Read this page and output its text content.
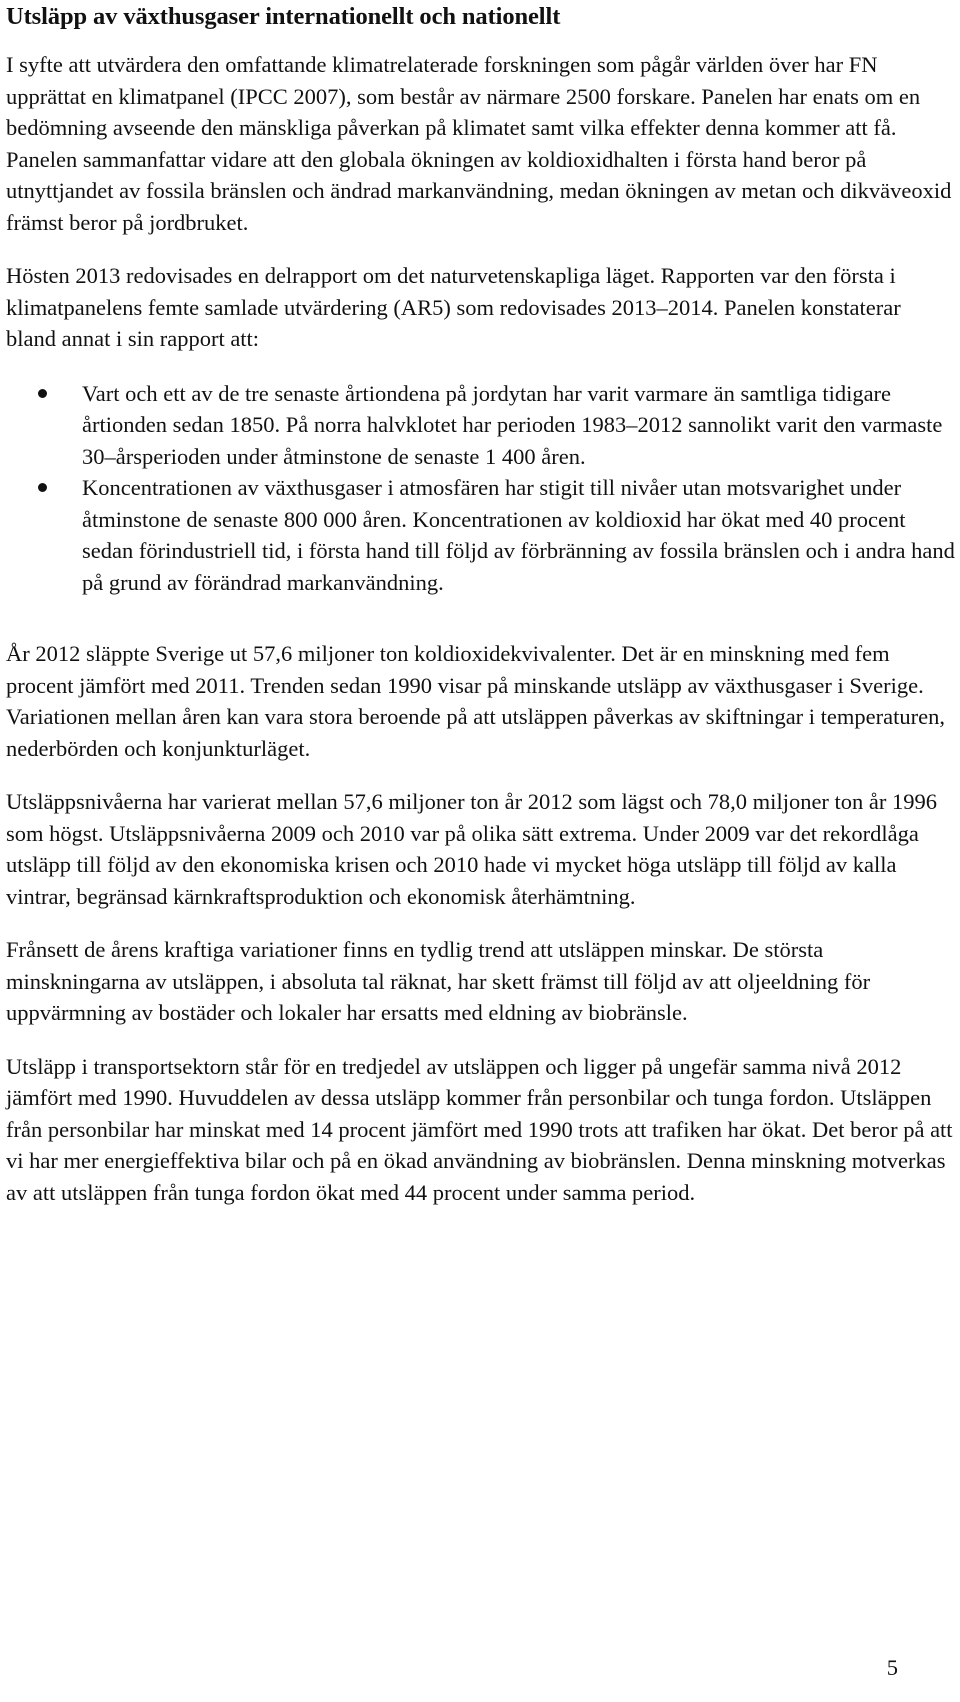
Utsläpp av växthusgaser internationellt och nationellt

I syfte att utvärdera den omfattande klimatrelaterade forskningen som pågår världen över har FN upprättat en klimatpanel (IPCC 2007), som består av närmare 2500 forskare. Panelen har enats om en bedömning avseende den mänskliga påverkan på klimatet samt vilka effekter denna kommer att få. Panelen sammanfattar vidare att den globala ökningen av koldioxidhalten i första hand beror på utnyttjandet av fossila bränslen och ändrad markanvändning, medan ökningen av metan och dikväveoxid främst beror på jordbruket.

Hösten 2013 redovisades en delrapport om det naturvetenskapliga läget. Rapporten var den första i klimatpanelens femte samlade utvärdering (AR5) som redovisades 2013–2014. Panelen konstaterar bland annat i sin rapport att:

Vart och ett av de tre senaste årtiondena på jordytan har varit varmare än samtliga tidigare årtionden sedan 1850. På norra halvklotet har perioden 1983–2012 sannolikt varit den varmaste 30–årsperioden under åtminstone de senaste 1 400 åren.
Koncentrationen av växthusgaser i atmosfären har stigit till nivåer utan motsvarighet under åtminstone de senaste 800 000 åren. Koncentrationen av koldioxid har ökat med 40 procent sedan förindustriell tid, i första hand till följd av förbränning av fossila bränslen och i andra hand på grund av förändrad markanvändning.

År 2012 släppte Sverige ut 57,6 miljoner ton koldioxidekvivalenter. Det är en minskning med fem procent jämfört med 2011. Trenden sedan 1990 visar på minskande utsläpp av växthusgaser i Sverige. Variationen mellan åren kan vara stora beroende på att utsläppen påverkas av skiftningar i temperaturen, nederbörden och konjunkturläget.

Utsläppsnivåerna har varierat mellan 57,6 miljoner ton år 2012 som lägst och 78,0 miljoner ton år 1996 som högst. Utsläppsnivåerna 2009 och 2010 var på olika sätt extrema. Under 2009 var det rekordlåga utsläpp till följd av den ekonomiska krisen och 2010 hade vi mycket höga utsläpp till följd av kalla vintrar, begränsad kärnkraftsproduktion och ekonomisk återhämtning.

Frånsett de årens kraftiga variationer finns en tydlig trend att utsläppen minskar. De största minskningarna av utsläppen, i absoluta tal räknat, har skett främst till följd av att oljeeldning för uppvärmning av bostäder och lokaler har ersatts med eldning av biobränsle.

Utsläpp i transportsektorn står för en tredjedel av utsläppen och ligger på ungefär samma nivå 2012 jämfört med 1990. Huvuddelen av dessa utsläpp kommer från personbilar och tunga fordon. Utsläppen från personbilar har minskat med 14 procent jämfört med 1990 trots att trafiken har ökat. Det beror på att vi har mer energieffektiva bilar och på en ökad användning av biobränslen. Denna minskning motverkas av att utsläppen från tunga fordon ökat med 44 procent under samma period.

5
